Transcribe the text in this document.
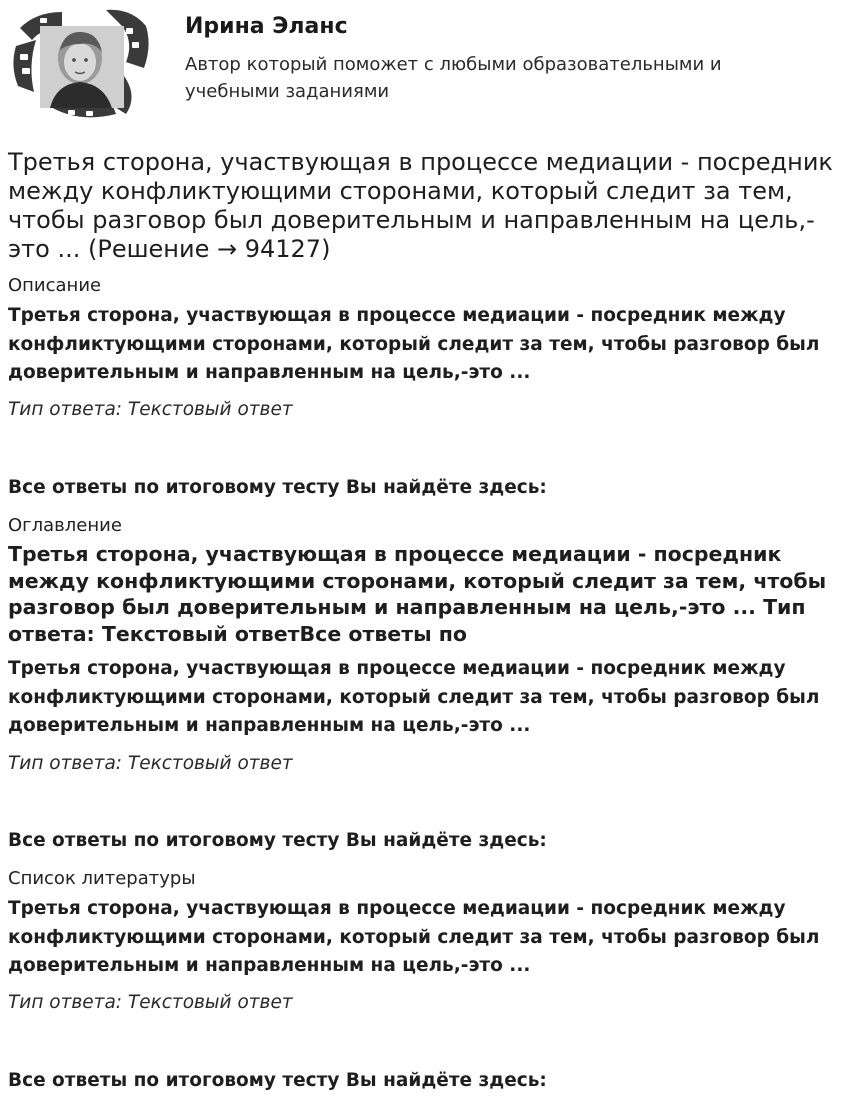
Ирина Эланс
Автор который поможет с любыми образовательными и учебными заданиями
Третья сторона, участвующая в процессе медиации - посредник между конфликтующими сторонами, который следит за тем, чтобы разговор был доверительным и направленным на цель,-это ... (Решение → 94127)
Описание

Третья сторона, участвующая в процессе медиации - посредник между конфликтующими сторонами, который следит за тем, чтобы разговор был доверительным и направленным на цель,-это ...

Тип ответа: Текстовый ответ
Все ответы по итоговому тесту Вы найдёте здесь:
Оглавление
Третья сторона, участвующая в процессе медиации - посредник между конфликтующими сторонами, который следит за тем, чтобы разговор был доверительным и направленным на цель,-это ... Тип ответа: Текстовый ответВсе ответы по

Третья сторона, участвующая в процессе медиации - посредник между конфликтующими сторонами, который следит за тем, чтобы разговор был доверительным и направленным на цель,-это ...

Тип ответа: Текстовый ответ
Все ответы по итоговому тесту Вы найдёте здесь:
Список литературы

Третья сторона, участвующая в процессе медиации - посредник между конфликтующими сторонами, который следит за тем, чтобы разговор был доверительным и направленным на цель,-это ...

Тип ответа: Текстовый ответ
Все ответы по итоговому тесту Вы найдёте здесь:
